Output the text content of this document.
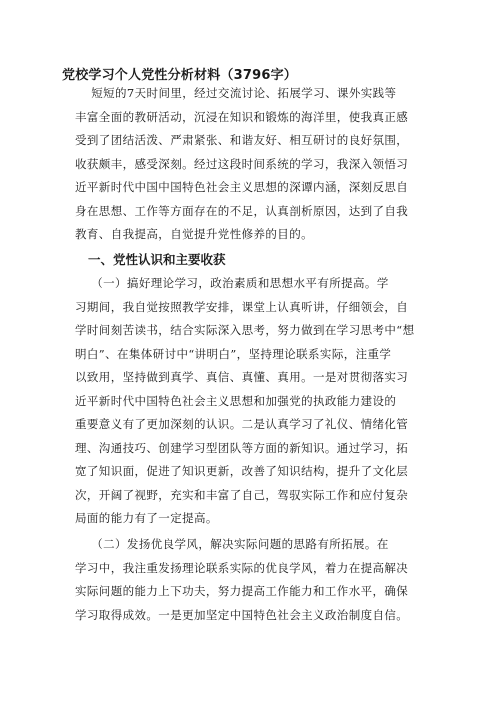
党校学习个人党性分析材料（3796字）
短短的7天时间里，经过交流讨论、拓展学习、课外实践等
丰富全面的教研活动，沉浸在知识和锻炼的海洋里，使我真正感
受到了团结活泼、严肃紧张、和谐友好、相互研讨的良好氛围，
收获颇丰，感受深刻。经过这段时间系统的学习，我深入领悟习
近平新时代中国中国特色社会主义思想的深谭内涵，深刻反思自
身在思想、工作等方面存在的不足，认真剖析原因，达到了自我
教育、自我提高，自觉提升党性修养的目的。
一、党性认识和主要收获
（一）搞好理论学习，政治素质和思想水平有所提高。学
习期间，我自觉按照教学安排，课堂上认真听讲，仔细领会，自
学时间刻苦读书，结合实际深入思考，努力做到在学习思考中“想
明白”、在集体研讨中“讲明白”，坚持理论联系实际，注重学
以致用，坚持做到真学、真信、真懂、真用。一是对贯彻落实习
近平新时代中国特色社会主义思想和加强党的执政能力建设的
重要意义有了更加深刻的认识。二是认真学习了礼仪、情绪化管
理、沟通技巧、创建学习型团队等方面的新知识。通过学习，拓
宽了知识面，促进了知识更新，改善了知识结构，提升了文化层
次，开阔了视野，充实和丰富了自己，驾驭实际工作和应付复杂
局面的能力有了一定提高。
（二）发扬优良学风，解决实际问题的思路有所拓展。在
学习中，我注重发扬理论联系实际的优良学风，着力在提高解决
实际问题的能力上下功夫，努力提高工作能力和工作水平，确保
学习取得成效。一是更加坚定中国特色社会主义政治制度自信。
